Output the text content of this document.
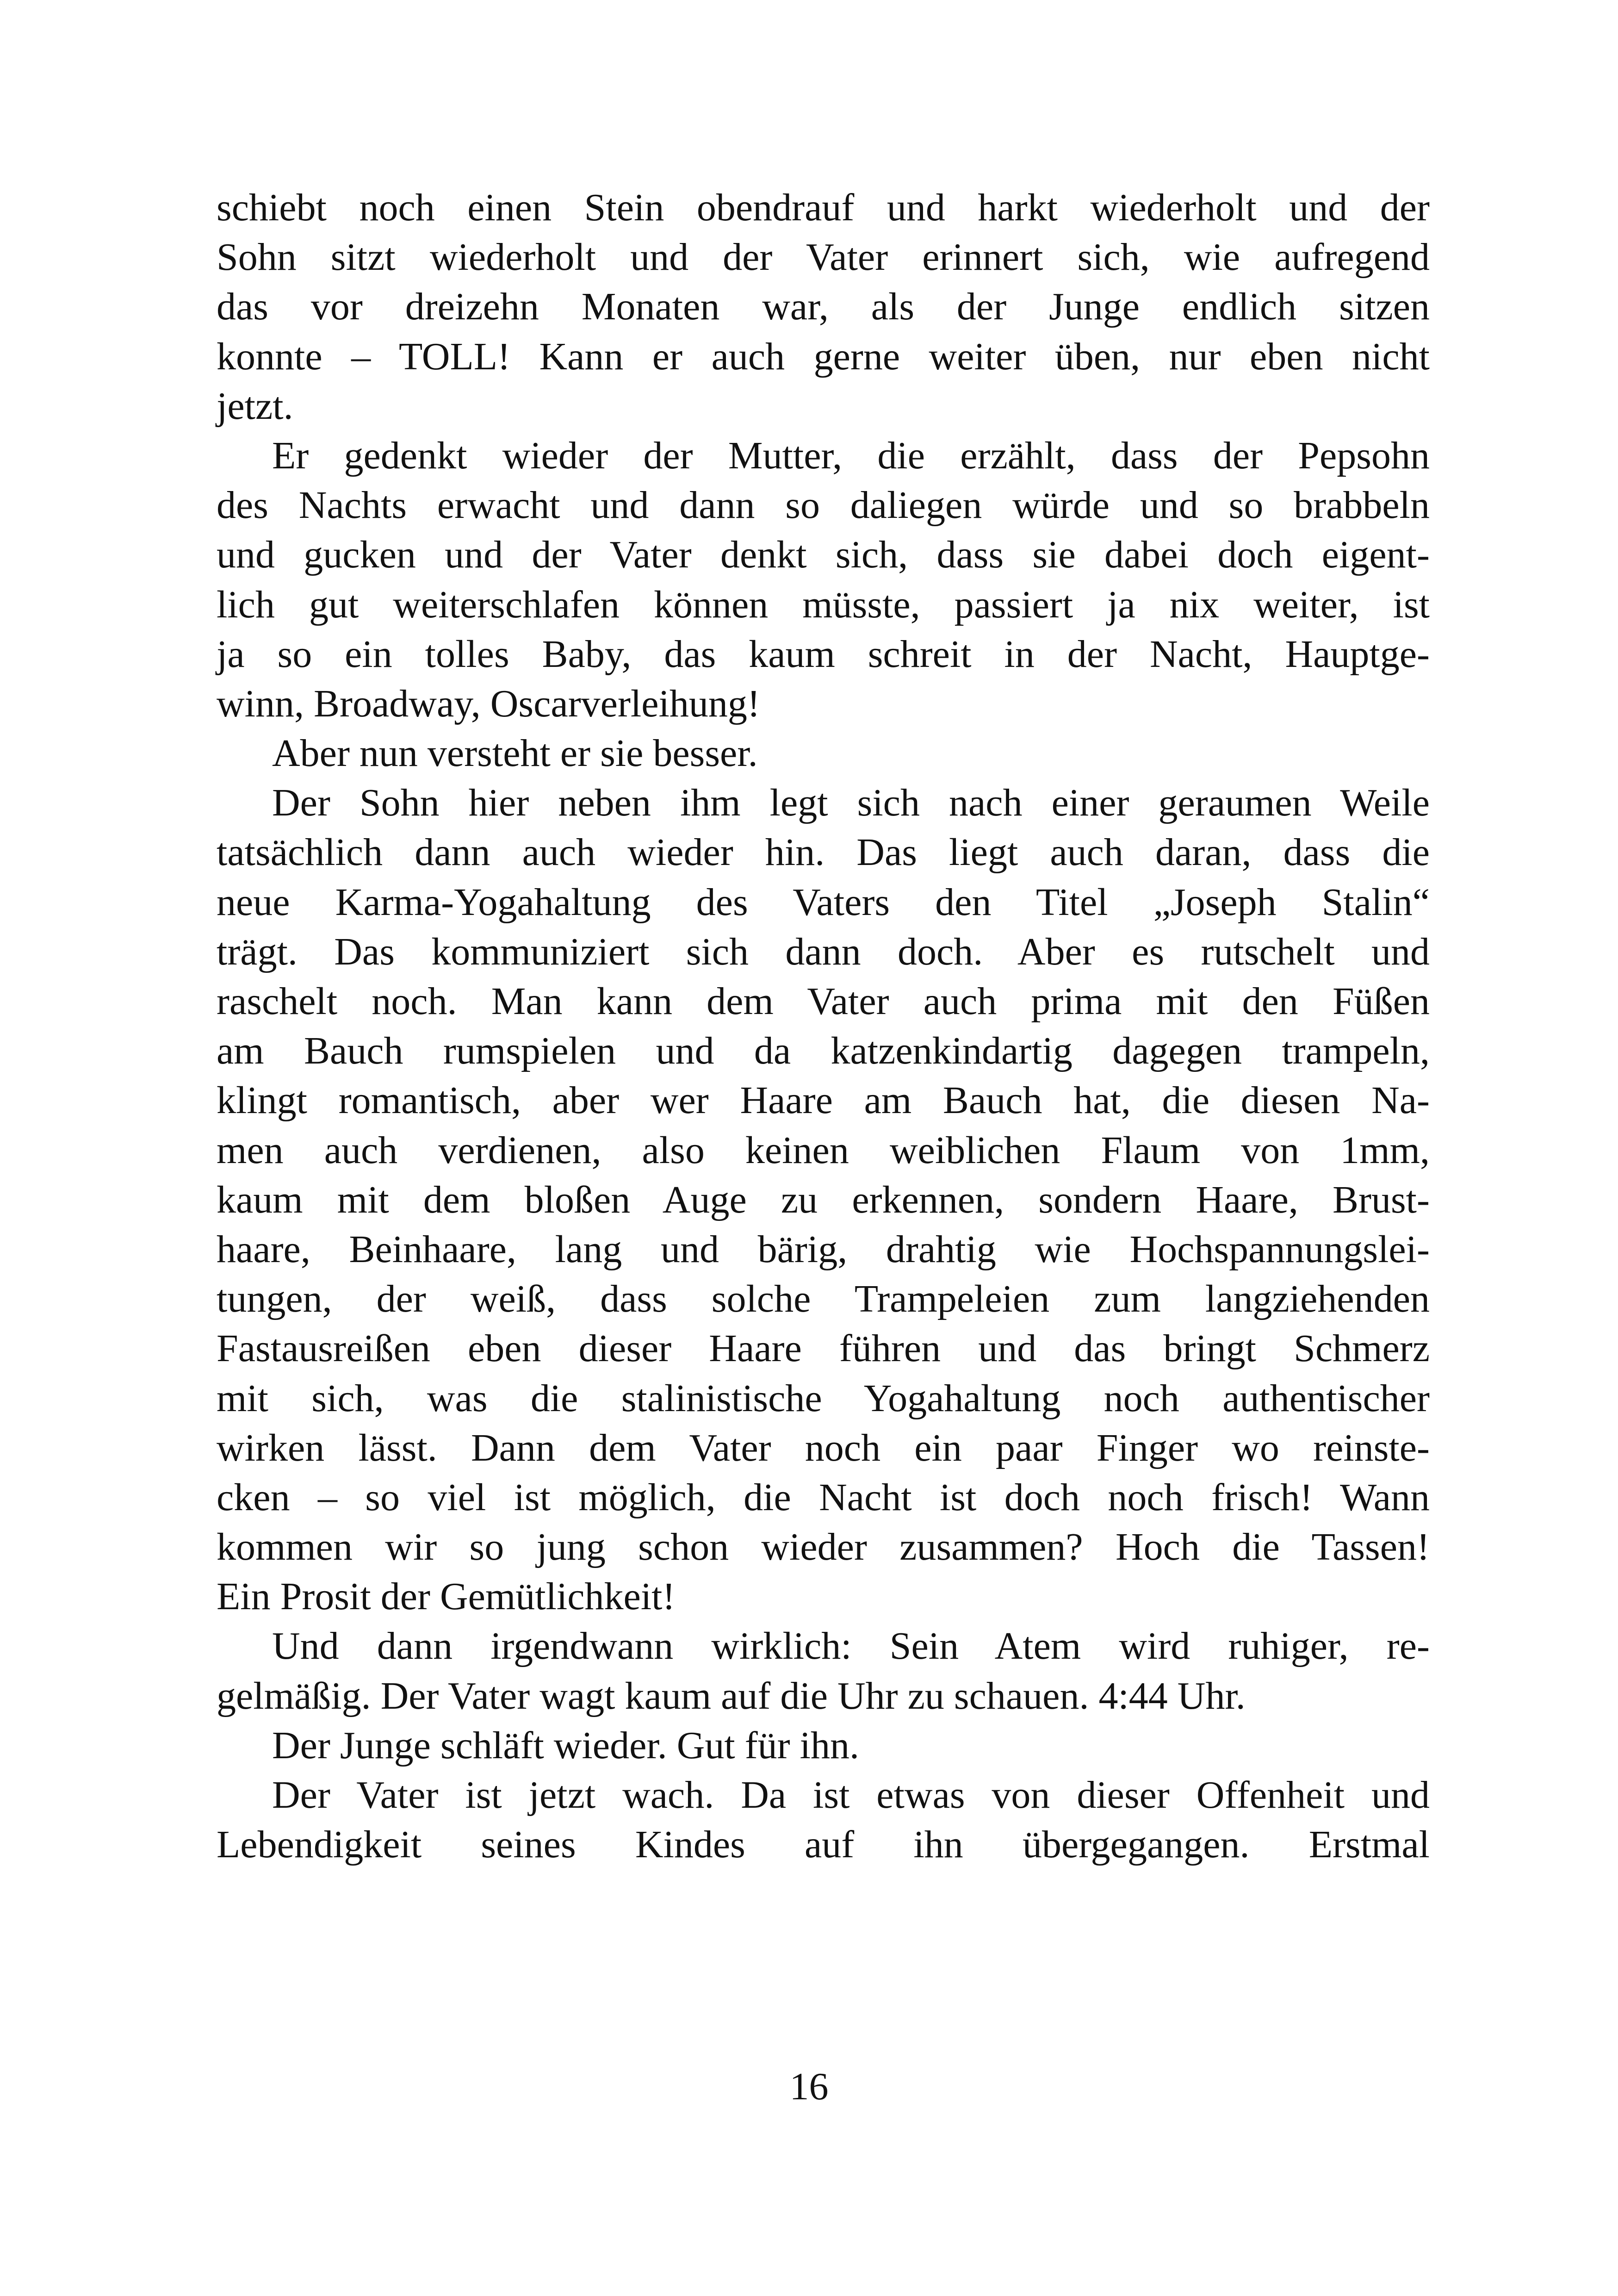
schiebt noch einen Stein obendrauf und harkt wiederholt und der
Sohn sitzt wiederholt und der Vater erinnert sich, wie aufregend
das vor dreizehn Monaten war, als der Junge endlich sitzen
konnte – TOLL! Kann er auch gerne weiter üben, nur eben nicht
jetzt.
Er gedenkt wieder der Mutter, die erzählt, dass der Pepsohn
des Nachts erwacht und dann so daliegen würde und so brabbeln
und gucken und der Vater denkt sich, dass sie dabei doch eigent-
lich gut weiterschlafen können müsste, passiert ja nix weiter, ist
ja so ein tolles Baby, das kaum schreit in der Nacht, Hauptge-
winn, Broadway, Oscarverleihung!
Aber nun versteht er sie besser.
Der Sohn hier neben ihm legt sich nach einer geraumen Weile
tatsächlich dann auch wieder hin. Das liegt auch daran, dass die
neue Karma-Yogahaltung des Vaters den Titel „Joseph Stalin“
trägt. Das kommuniziert sich dann doch. Aber es rutschelt und
raschelt noch. Man kann dem Vater auch prima mit den Füßen
am Bauch rumspielen und da katzenkindartig dagegen trampeln,
klingt romantisch, aber wer Haare am Bauch hat, die diesen Na-
men auch verdienen, also keinen weiblichen Flaum von 1mm,
kaum mit dem bloßen Auge zu erkennen, sondern Haare, Brust-
haare, Beinhaare, lang und bärig, drahtig wie Hochspannungslei-
tungen, der weiß, dass solche Trampeleien zum langziehenden
Fastausreißen eben dieser Haare führen und das bringt Schmerz
mit sich, was die stalinistische Yogahaltung noch authentischer
wirken lässt. Dann dem Vater noch ein paar Finger wo reinste-
cken – so viel ist möglich, die Nacht ist doch noch frisch! Wann
kommen wir so jung schon wieder zusammen? Hoch die Tassen!
Ein Prosit der Gemütlichkeit!
Und dann irgendwann wirklich: Sein Atem wird ruhiger, re-
gelmäßig. Der Vater wagt kaum auf die Uhr zu schauen. 4:44 Uhr.
Der Junge schläft wieder. Gut für ihn.
Der Vater ist jetzt wach. Da ist etwas von dieser Offenheit und
Lebendigkeit seines Kindes auf ihn übergegangen. Erstmal
16
